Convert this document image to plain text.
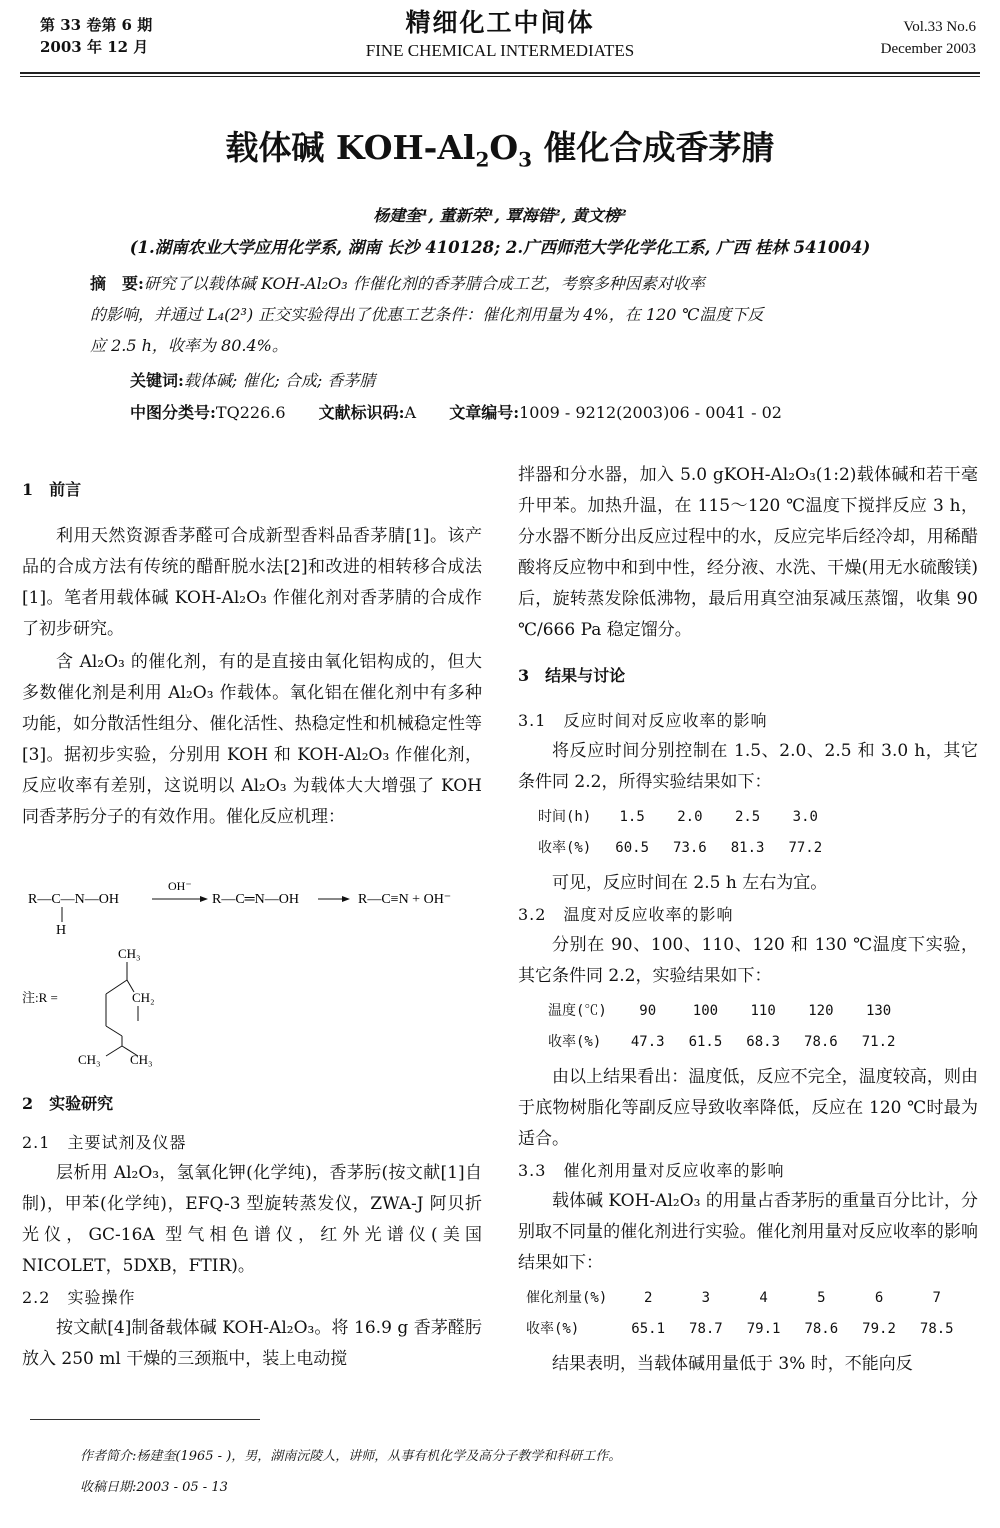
第 33 卷第 6 期
2003 年 12 月
精细化工中间体
FINE CHEMICAL INTERMEDIATES
Vol.33 No.6
December 2003
载体碱 KOH-$Al_2O_3$ 催化合成香茅腈
杨建奎¹, 董新荣¹, 覃海错², 黄文榜²
(1.湖南农业大学应用化学系, 湖南 长沙 410128; 2.广西师范大学化学化工系, 广西 桂林 541004)
摘　要:研究了以载体碱 KOH-Al₂O₃ 作催化剂的香茅腈合成工艺，考察多种因素对收率
的影响，并通过 L₄(2³) 正交实验得出了优惠工艺条件：催化剂用量为 4%，在 120 ℃温度下反
应 2.5 h，收率为 80.4%。
关键词:载体碱; 催化; 合成; 香茅腈
中图分类号:TQ226.6 文献标识码:A 文章编号:1009 - 9212(2003)06 - 0041 - 02
1　前言

利用天然资源香茅醛可合成新型香料品香茅腈[1]。该产品的合成方法有传统的醋酐脱水法[2]和改进的相转移合成法[1]。笔者用载体碱 KOH-Al₂O₃ 作催化剂对香茅腈的合成作了初步研究。

含 Al₂O₃ 的催化剂，有的是直接由氧化铝构成的，但大多数催化剂是利用 Al₂O₃ 作载体。氧化铝在催化剂中有多种功能，如分散活性组分、催化活性、热稳定性和机械稳定性等[3]。据初步实验，分别用 KOH 和 KOH-Al₂O₃ 作催化剂，反应收率有差别，这说明以 Al₂O₃ 为载体大大增强了 KOH 同香茅肟分子的有效作用。催化反应机理：

R—C—N—OH
H
OH⁻
R—C═N—OH	R—C≡N + OH⁻
注:R =
CH₃
CH₂
CH₃ CH₃
2　实验研究
2.1　主要试剂及仪器

层析用 Al₂O₃，氢氧化钾(化学纯)，香茅肟(按文献[1]自制)，甲苯(化学纯)，EFQ-3 型旋转蒸发仪，ZWA-J 阿贝折光仪，GC-16A 型气相色谱仪，红外光谱仪(美国 NICOLET，5DXB，FTIR)。

2.2　实验操作

按文献[4]制备载体碱 KOH-Al₂O₃。将 16.9 g 香茅醛肟放入 250 ml 干燥的三颈瓶中，装上电动搅

拌器和分水器，加入 5.0 gKOH-Al₂O₃(1:2)载体碱和若干毫升甲苯。加热升温，在 115～120 ℃温度下搅拌反应 3 h，分水器不断分出反应过程中的水，反应完毕后经冷却，用稀醋酸将反应物中和到中性，经分液、水洗、干燥(用无水硫酸镁)后，旋转蒸发除低沸物，最后用真空油泵减压蒸馏，收集 90 ℃/666 Pa 稳定馏分。

3　结果与讨论
3.1　反应时间对反应收率的影响

将反应时间分别控制在 1.5、2.0、2.5 和 3.0 h，其它条件同 2.2，所得实验结果如下：

时间(h)	1.5	2.0	2.5	3.0
收率(%)	60.5	73.6	81.3	77.2

可见，反应时间在 2.5 h 左右为宜。

3.2　温度对反应收率的影响

分别在 90、100、110、120 和 130 ℃温度下实验，其它条件同 2.2，实验结果如下：

温度(℃)	90	100	110	120	130
收率(%)	47.3	61.5	68.3	78.6	71.2

由以上结果看出：温度低，反应不完全，温度较高，则由于底物树脂化等副反应导致收率降低，反应在 120 ℃时最为适合。

3.3　催化剂用量对反应收率的影响

载体碱 KOH-Al₂O₃ 的用量占香茅肟的重量百分比计，分别取不同量的催化剂进行实验。催化剂用量对反应收率的影响结果如下：

催化剂量(%)	2	3	4	5	6	7
收率(%)	65.1	78.7	79.1	78.6	79.2	78.5

结果表明，当载体碱用量低于 3% 时，不能向反

作者简介:杨建奎(1965 - )，男，湖南沅陵人，讲师，从事有机化学及高分子教学和科研工作。
收稿日期:2003 - 05 - 13
